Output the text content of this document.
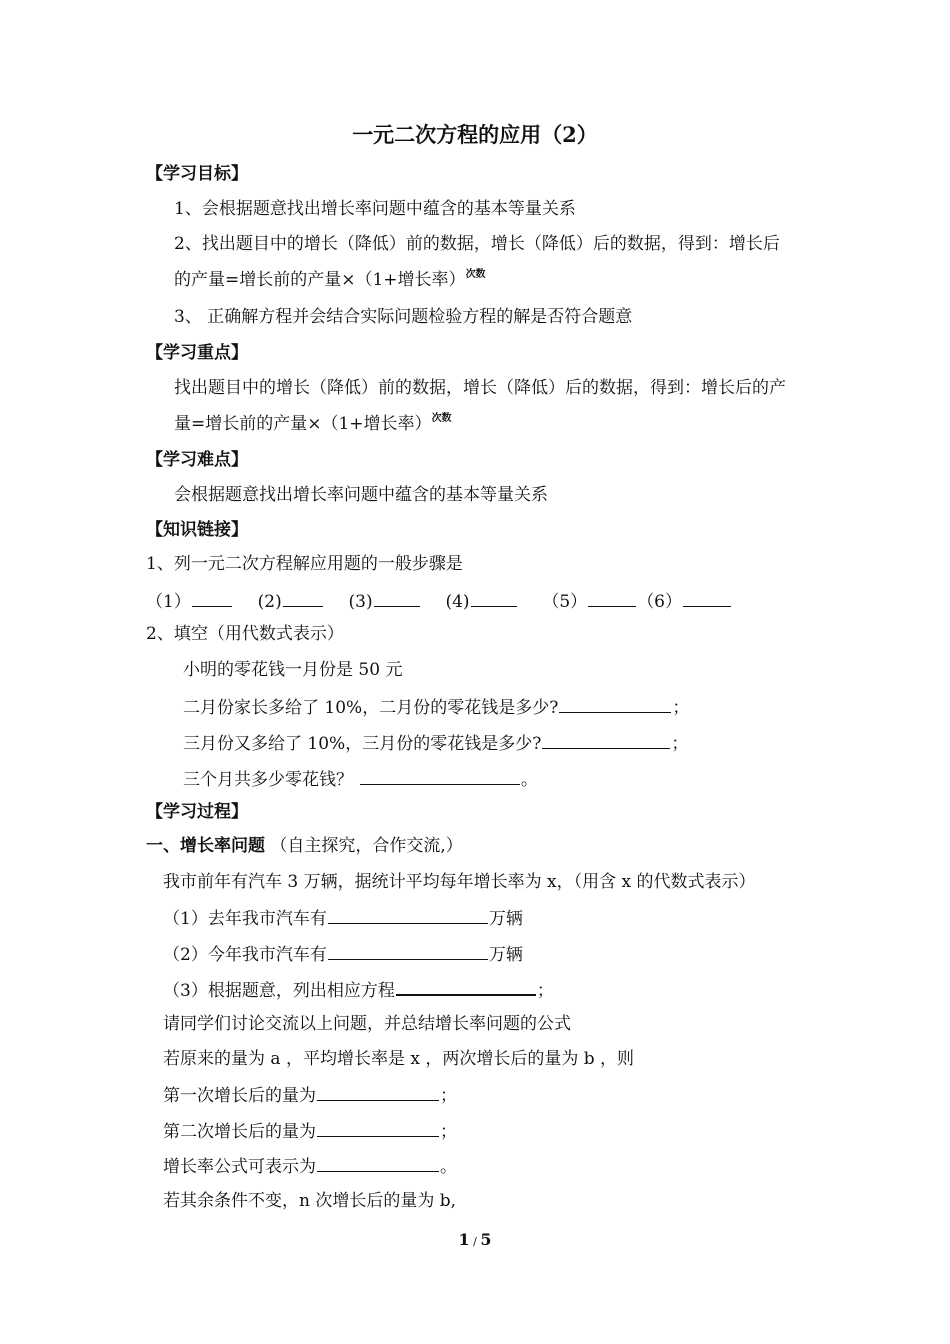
一元二次方程的应用（2）
【学习目标】
1、会根据题意找出增长率问题中蕴含的基本等量关系
2、找出题目中的增长（降低）前的数据，增长（降低）后的数据，得到：增长后
的产量=增长前的产量×（1+增长率）$^{次数}$
3、 正确解方程并会结合实际问题检验方程的解是否符合题意
【学习重点】
找出题目中的增长（降低）前的数据，增长（降低）后的数据，得到：增长后的产
量=增长前的产量×（1+增长率）$^{次数}$
【学习难点】
会根据题意找出增长率问题中蕴含的基本等量关系
【知识链接】
1、列一元二次方程解应用题的一般步骤是
（1）	(2)	(3)	(4)	（5）	（6）
2、填空（用代数式表示）
小明的零花钱一月份是 50 元
二月份家长多给了 10%，二月份的零花钱是多少?	；
三月份又多给了 10%，三月份的零花钱是多少?	；
三个月共多少零花钱？	。
【学习过程】
一、增长率问题 （自主探究，合作交流,）
我市前年有汽车 3 万辆，据统计平均每年增长率为 x，（用含 x 的代数式表示）
（1）去年我市汽车有	万辆
（2）今年我市汽车有	万辆
（3）根据题意，列出相应方程	；
请同学们讨论交流以上问题，并总结增长率问题的公式
若原来的量为 a ，平均增长率是 x ，两次增长后的量为 b ，则
第一次增长后的量为	；
第二次增长后的量为	；
增长率公式可表示为	。
若其余条件不变，n 次增长后的量为 b,
1 / 5
